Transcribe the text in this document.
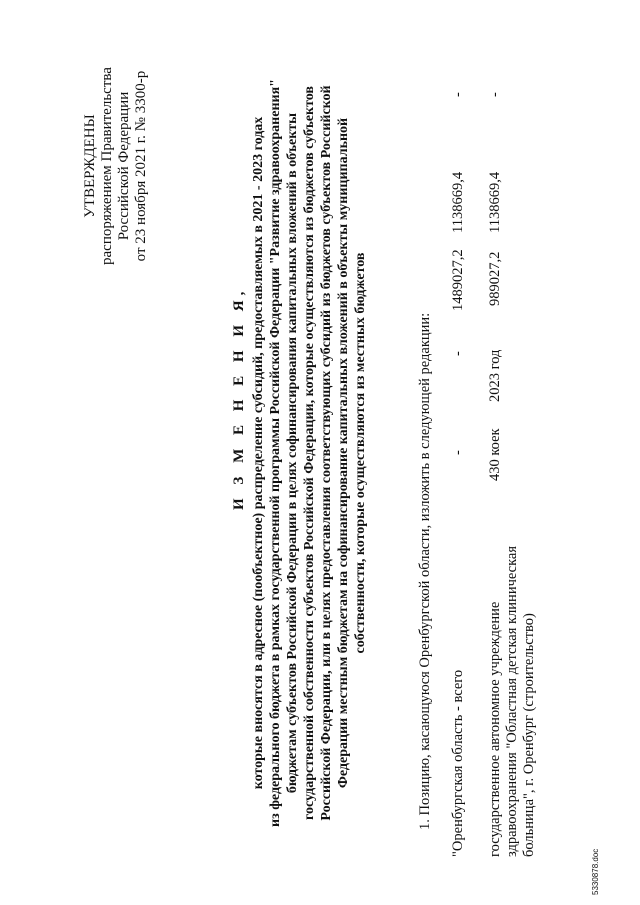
УТВЕРЖДЕНЫ распоряжением Правительства Российской Федерации от 23 ноября 2021 г. № 3300-р
И З М Е Н Е Н И Я, которые вносятся в адресное (пообъектное) распределение субсидий, предоставляемых в 2021 - 2023 годах из федерального бюджета в рамках государственной программы Российской Федерации "Развитие здравоохранения" бюджетам субъектов Российской Федерации в целях софинансирования капитальных вложений в объекты государственной собственности субъектов Российской Федерации, которые осуществляются из бюджетов субъектов Российской Федерации, или в целях предоставления соответствующих субсидий из бюджетов субъектов Российской Федерации местным бюджетам на софинансирование капитальных вложений в объекты муниципальной собственности, которые осуществляются из местных бюджетов	1. Позицию, касающуюся Оренбургской области, изложить в следующей редакции: "Оренбургская область - всего
-
-
1489027,2
1138669,4
-
государственное автономное учреждение здравоохранения "Областная детская клиническая больница", г. Оренбург (строительство)
430 коек
2023 год
989027,2
1138669,4
-
5330878.doc
